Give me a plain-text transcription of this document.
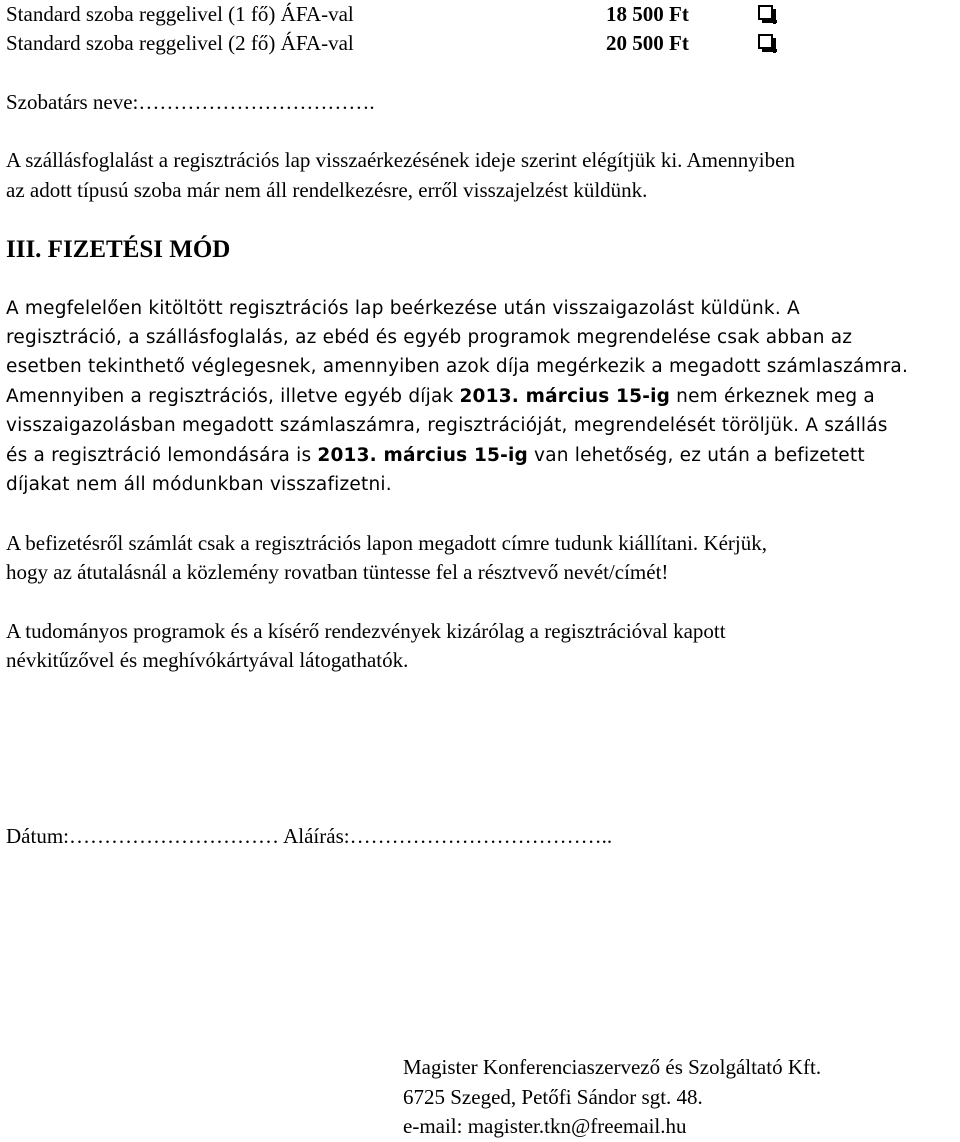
Standard szoba reggelivel (1 fő) ÁFA-val	18 500 Ft
Standard szoba reggelivel (2 fő) ÁFA-val	20 500 Ft
Szobatárs neve:…………………………….
A szállásfoglalást a regisztrációs lap visszaérkezésének ideje szerint elégítjük ki. Amennyiben
az adott típusú szoba már nem áll rendelkezésre, erről visszajelzést küldünk.
III. FIZETÉSI MÓD
A megfelelően kitöltött regisztrációs lap beérkezése után visszaigazolást küldünk. A
regisztráció, a szállásfoglalás, az ebéd és egyéb programok megrendelése csak abban az
esetben tekinthető véglegesnek, amennyiben azok díja megérkezik a megadott számlaszámra.
Amennyiben a regisztrációs, illetve egyéb díjak 2013. március 15-ig nem érkeznek meg a
visszaigazolásban megadott számlaszámra, regisztrációját, megrendelését töröljük. A szállás
és a regisztráció lemondására is 2013. március 15-ig van lehetőség, ez után a befizetett
díjakat nem áll módunkban visszafizetni.
A befizetésről számlát csak a regisztrációs lapon megadott címre tudunk kiállítani. Kérjük,
hogy az átutalásnál a közlemény rovatban tüntesse fel a résztvevő nevét/címét!
A tudományos programok és a kísérő rendezvények kizárólag a regisztrációval kapott
névkitűzővel és meghívókártyával látogathatók.
Dátum:………………………… Aláírás:………………………………..
Magister Konferenciaszervező és Szolgáltató Kft.
6725 Szeged, Petőfi Sándor sgt. 48.
e-mail: magister.tkn@freemail.hu
